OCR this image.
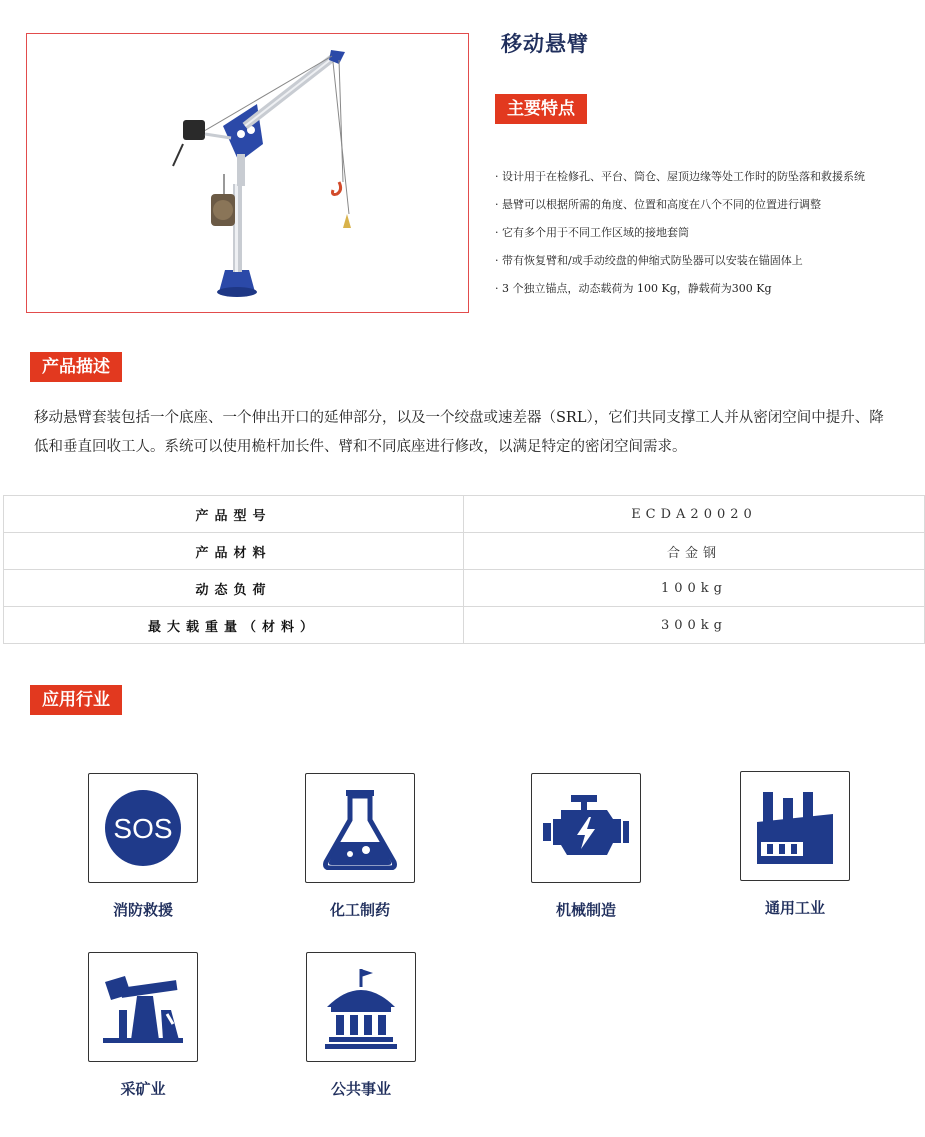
移动悬臂
主要特点
· 设计用于在检修孔、平台、筒仓、屋顶边缘等处工作时的防坠落和救援系统
· 悬臂可以根据所需的角度、位置和高度在八个不同的位置进行调整
· 它有多个用于不同工作区域的接地套筒
· 带有恢复臂和/或手动绞盘的伸缩式防坠器可以安装在锚固体上
· 3 个独立锚点，动态载荷为 100 Kg，静载荷为300 Kg
产品描述

移动悬臂套装包括一个底座、一个伸出开口的延伸部分，以及一个绞盘或速差器（SRL），它们共同支撑工人并从密闭空间中提升、降低和垂直回收工人。系统可以使用桅杆加长件、臂和不同底座进行修改，以满足特定的密闭空间需求。

产品型号	ECDA20020
产品材料	合金钢
动态负荷	100kg
最大载重量（材料）	300kg
应用行业
SOS
消防救援	化工制药	机械制造	通用工业
采矿业	公共事业
